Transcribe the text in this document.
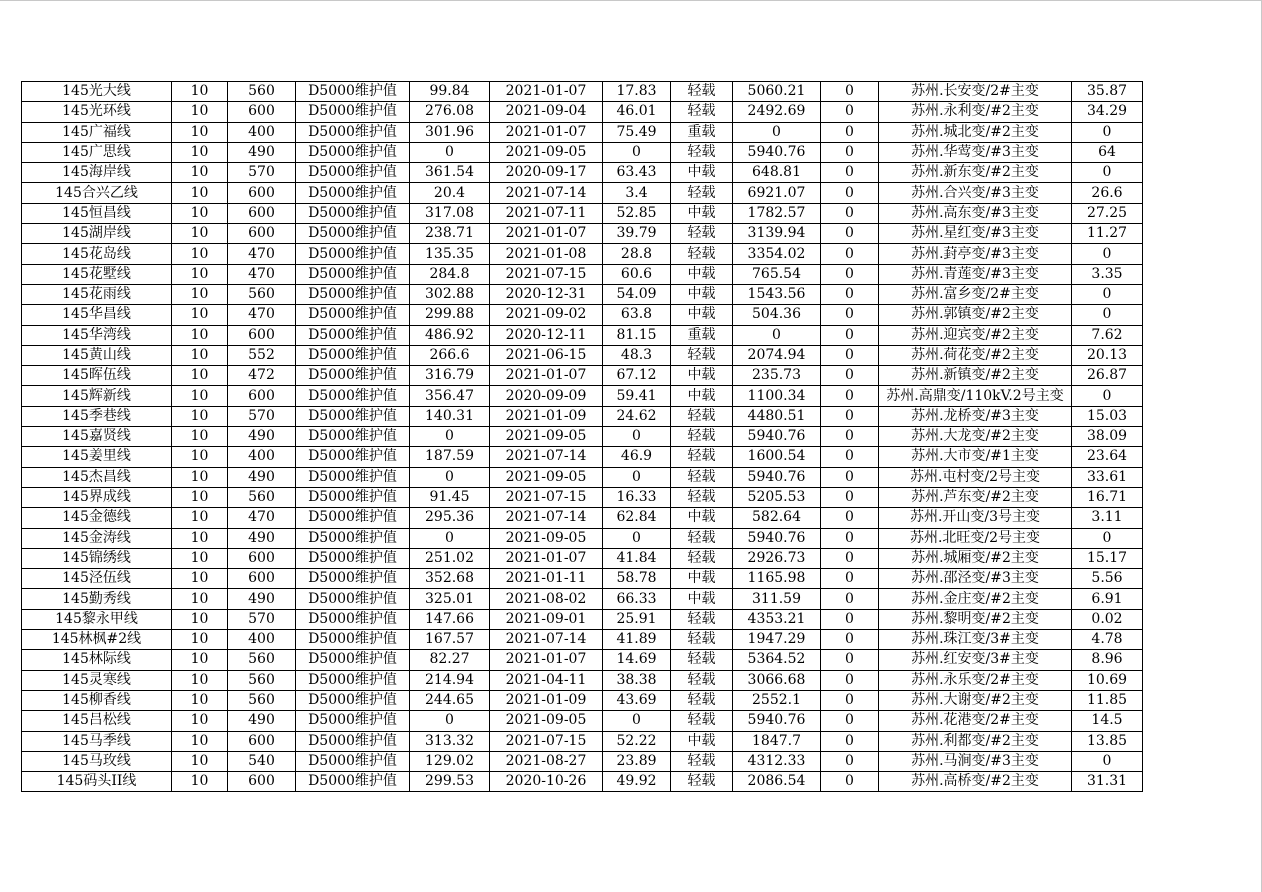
145光大线	10	560	D5000维护值	99.84	2021-01-07	17.83	轻载	5060.21	0	苏州.长安变/2#主变	35.87
145光环线	10	600	D5000维护值	276.08	2021-09-04	46.01	轻载	2492.69	0	苏州.永利变/#2主变	34.29
145广福线	10	400	D5000维护值	301.96	2021-01-07	75.49	重载	0	0	苏州.城北变/#2主变	0
145广思线	10	490	D5000维护值	0	2021-09-05	0	轻载	5940.76	0	苏州.华莺变/#3主变	64
145海岸线	10	570	D5000维护值	361.54	2020-09-17	63.43	中载	648.81	0	苏州.新东变/#2主变	0
145合兴乙线	10	600	D5000维护值	20.4	2021-07-14	3.4	轻载	6921.07	0	苏州.合兴变/#3主变	26.6
145恒昌线	10	600	D5000维护值	317.08	2021-07-11	52.85	中载	1782.57	0	苏州.高东变/#3主变	27.25
145湖岸线	10	600	D5000维护值	238.71	2021-01-07	39.79	轻载	3139.94	0	苏州.星红变/#3主变	11.27
145花岛线	10	470	D5000维护值	135.35	2021-01-08	28.8	轻载	3354.02	0	苏州.葑亭变/#3主变	0
145花墅线	10	470	D5000维护值	284.8	2021-07-15	60.6	中载	765.54	0	苏州.青莲变/#3主变	3.35
145花雨线	10	560	D5000维护值	302.88	2020-12-31	54.09	中载	1543.56	0	苏州.富乡变/2#主变	0
145华昌线	10	470	D5000维护值	299.88	2021-09-02	63.8	中载	504.36	0	苏州.郭镇变/#2主变	0
145华湾线	10	600	D5000维护值	486.92	2020-12-11	81.15	重载	0	0	苏州.迎宾变/#2主变	7.62
145黄山线	10	552	D5000维护值	266.6	2021-06-15	48.3	轻载	2074.94	0	苏州.荷花变/#2主变	20.13
145晖伍线	10	472	D5000维护值	316.79	2021-01-07	67.12	中载	235.73	0	苏州.新镇变/#2主变	26.87
145辉新线	10	600	D5000维护值	356.47	2020-09-09	59.41	中载	1100.34	0	苏州.高鼎变/110kV.2号主变	0
145季巷线	10	570	D5000维护值	140.31	2021-01-09	24.62	轻载	4480.51	0	苏州.龙桥变/#3主变	15.03
145嘉贤线	10	490	D5000维护值	0	2021-09-05	0	轻载	5940.76	0	苏州.大龙变/#2主变	38.09
145姜里线	10	400	D5000维护值	187.59	2021-07-14	46.9	轻载	1600.54	0	苏州.大市变/#1主变	23.64
145杰昌线	10	490	D5000维护值	0	2021-09-05	0	轻载	5940.76	0	苏州.屯村变/2号主变	33.61
145界成线	10	560	D5000维护值	91.45	2021-07-15	16.33	轻载	5205.53	0	苏州.芦东变/#2主变	16.71
145金德线	10	470	D5000维护值	295.36	2021-07-14	62.84	中载	582.64	0	苏州.开山变/3号主变	3.11
145金涛线	10	490	D5000维护值	0	2021-09-05	0	轻载	5940.76	0	苏州.北旺变/2号主变	0
145锦绣线	10	600	D5000维护值	251.02	2021-01-07	41.84	轻载	2926.73	0	苏州.城厢变/#2主变	15.17
145泾伍线	10	600	D5000维护值	352.68	2021-01-11	58.78	中载	1165.98	0	苏州.邵泾变/#3主变	5.56
145勤秀线	10	490	D5000维护值	325.01	2021-08-02	66.33	中载	311.59	0	苏州.金庄变/#2主变	6.91
145黎永甲线	10	570	D5000维护值	147.66	2021-09-01	25.91	轻载	4353.21	0	苏州.黎明变/#2主变	0.02
145林枫#2线	10	400	D5000维护值	167.57	2021-07-14	41.89	轻载	1947.29	0	苏州.珠江变/3#主变	4.78
145林际线	10	560	D5000维护值	82.27	2021-01-07	14.69	轻载	5364.52	0	苏州.红安变/3#主变	8.96
145灵寒线	10	560	D5000维护值	214.94	2021-04-11	38.38	轻载	3066.68	0	苏州.永乐变/2#主变	10.69
145柳香线	10	560	D5000维护值	244.65	2021-01-09	43.69	轻载	2552.1	0	苏州.大谢变/#2主变	11.85
145吕松线	10	490	D5000维护值	0	2021-09-05	0	轻载	5940.76	0	苏州.花港变/2#主变	14.5
145马季线	10	600	D5000维护值	313.32	2021-07-15	52.22	中载	1847.7	0	苏州.利都变/#2主变	13.85
145马玫线	10	540	D5000维护值	129.02	2021-08-27	23.89	轻载	4312.33	0	苏州.马涧变/#3主变	0
145码头II线	10	600	D5000维护值	299.53	2020-10-26	49.92	轻载	2086.54	0	苏州.高桥变/#2主变	31.31
